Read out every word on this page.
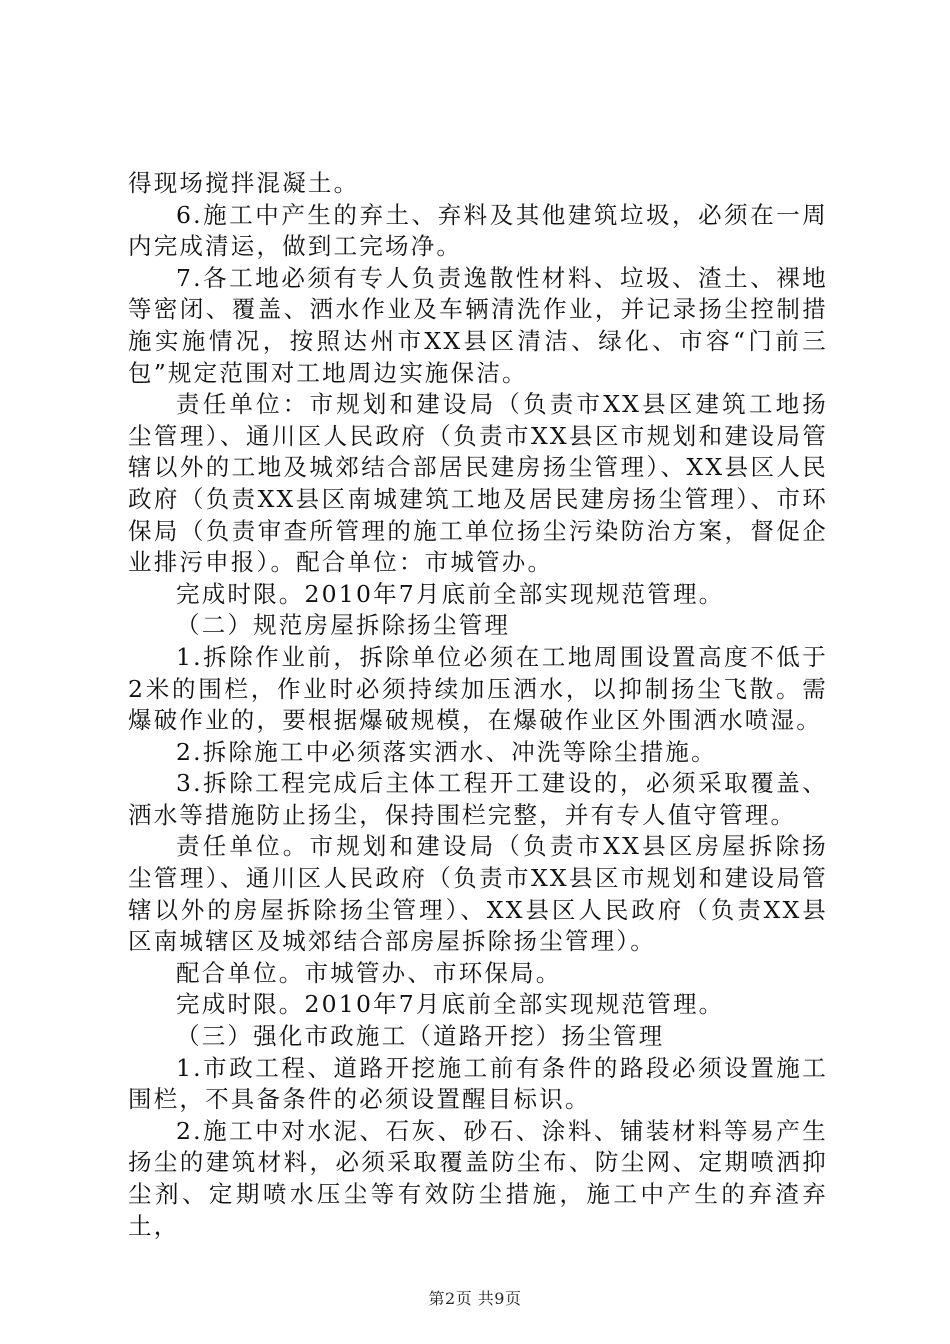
得现场搅拌混凝土。

6.施工中产生的弃土、弃料及其他建筑垃圾，必须在一周内完成清运，做到工完场净。

7.各工地必须有专人负责逸散性材料、垃圾、渣土、裸地等密闭、覆盖、洒水作业及车辆清洗作业，并记录扬尘控制措施实施情况，按照达州市XX县区清洁、绿化、市容“门前三包”规定范围对工地周边实施保洁。

责任单位：市规划和建设局（负责市XX县区建筑工地扬尘管理）、通川区人民政府（负责市XX县区市规划和建设局管辖以外的工地及城郊结合部居民建房扬尘管理）、XX县区人民政府（负责XX县区南城建筑工地及居民建房扬尘管理）、市环保局（负责审查所管理的施工单位扬尘污染防治方案，督促企业排污申报）。配合单位：市城管办。

完成时限。2010年7月底前全部实现规范管理。

（二）规范房屋拆除扬尘管理

1.拆除作业前，拆除单位必须在工地周围设置高度不低于2米的围栏，作业时必须持续加压洒水，以抑制扬尘飞散。需爆破作业的，要根据爆破规模，在爆破作业区外围洒水喷湿。

2.拆除施工中必须落实洒水、冲洗等除尘措施。

3.拆除工程完成后主体工程开工建设的，必须采取覆盖、洒水等措施防止扬尘，保持围栏完整，并有专人值守管理。

责任单位。市规划和建设局（负责市XX县区房屋拆除扬尘管理）、通川区人民政府（负责市XX县区市规划和建设局管辖以外的房屋拆除扬尘管理）、XX县区人民政府（负责XX县区南城辖区及城郊结合部房屋拆除扬尘管理）。

配合单位。市城管办、市环保局。

完成时限。2010年7月底前全部实现规范管理。

（三）强化市政施工（道路开挖）扬尘管理

1.市政工程、道路开挖施工前有条件的路段必须设置施工围栏，不具备条件的必须设置醒目标识。

2.施工中对水泥、石灰、砂石、涂料、铺装材料等易产生扬尘的建筑材料，必须采取覆盖防尘布、防尘网、定期喷洒抑尘剂、定期喷水压尘等有效防尘措施，施工中产生的弃渣弃土，

第2页 共9页
